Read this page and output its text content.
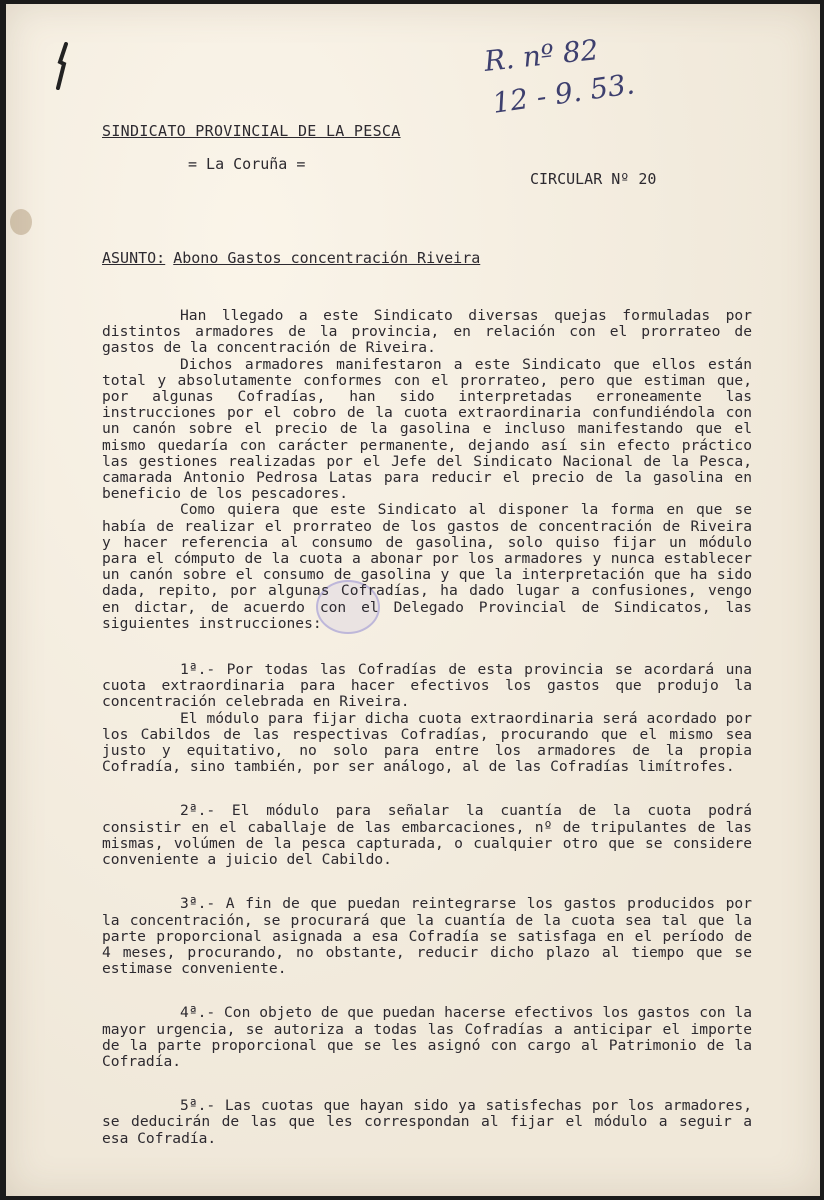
R. nº 82
12 - 9. 53.
SINDICATO PROVINCIAL DE LA PESCA
= La Coruña =
CIRCULAR Nº 20
ASUNTO: Abono Gastos concentración Riveira

Han llegado a este Sindicato diversas quejas formuladas por distintos armadores de la provincia, en relación con el prorrateo de gastos de la concentración de Riveira.

Dichos armadores manifestaron a este Sindicato que ellos están total y absolutamente conformes con el prorrateo, pero que estiman que, por algunas Cofradías, han sido interpretadas erroneamente las instrucciones por el cobro de la cuota extraordinaria confundiéndola con un canón sobre el precio de la gasolina e incluso manifestando que el mismo quedaría con carácter permanente, dejando así sin efecto práctico las gestiones realizadas por el Jefe del Sindicato Nacional de la Pesca, camarada Antonio Pedrosa Latas para reducir el precio de la gasolina en beneficio de los pescadores.

Como quiera que este Sindicato al disponer la forma en que se había de realizar el prorrateo de los gastos de concentración de Riveira y hacer referencia al consumo de gasolina, solo quiso fijar un módulo para el cómputo de la cuota a abonar por los armadores y nunca establecer un canón sobre el consumo de gasolina y que la interpretación que ha sido dada, repito, por algunas Cofradías, ha dado lugar a confusiones, vengo en dictar, de acuerdo con el Delegado Provincial de Sindicatos, las siguientes instrucciones:

1ª.- Por todas las Cofradías de esta provincia se acordará una cuota extraordinaria para hacer efectivos los gastos que produjo la concentración celebrada en Riveira.

El módulo para fijar dicha cuota extraordinaria será acordado por los Cabildos de las respectivas Cofradías, procurando que el mismo sea justo y equitativo, no solo para entre los armadores de la propia Cofradía, sino también, por ser análogo, al de las Cofradías limítrofes.

2ª.- El módulo para señalar la cuantía de la cuota podrá consistir en el caballaje de las embarcaciones, nº de tripulantes de las mismas, volúmen de la pesca capturada, o cualquier otro que se considere conveniente a juicio del Cabildo.

3ª.- A fin de que puedan reintegrarse los gastos producidos por la concentración, se procurará que la cuantía de la cuota sea tal que la parte proporcional asignada a esa Cofradía se satisfaga en el período de 4 meses, procurando, no obstante, reducir dicho plazo al tiempo que se estimase conveniente.

4ª.- Con objeto de que puedan hacerse efectivos los gastos con la mayor urgencia, se autoriza a todas las Cofradías a anticipar el importe de la parte proporcional que se les asignó con cargo al Patrimonio de la Cofradía.

5ª.- Las cuotas que hayan sido ya satisfechas por los armadores, se deducirán de las que les correspondan al fijar el módulo a seguir a esa Cofradía.
